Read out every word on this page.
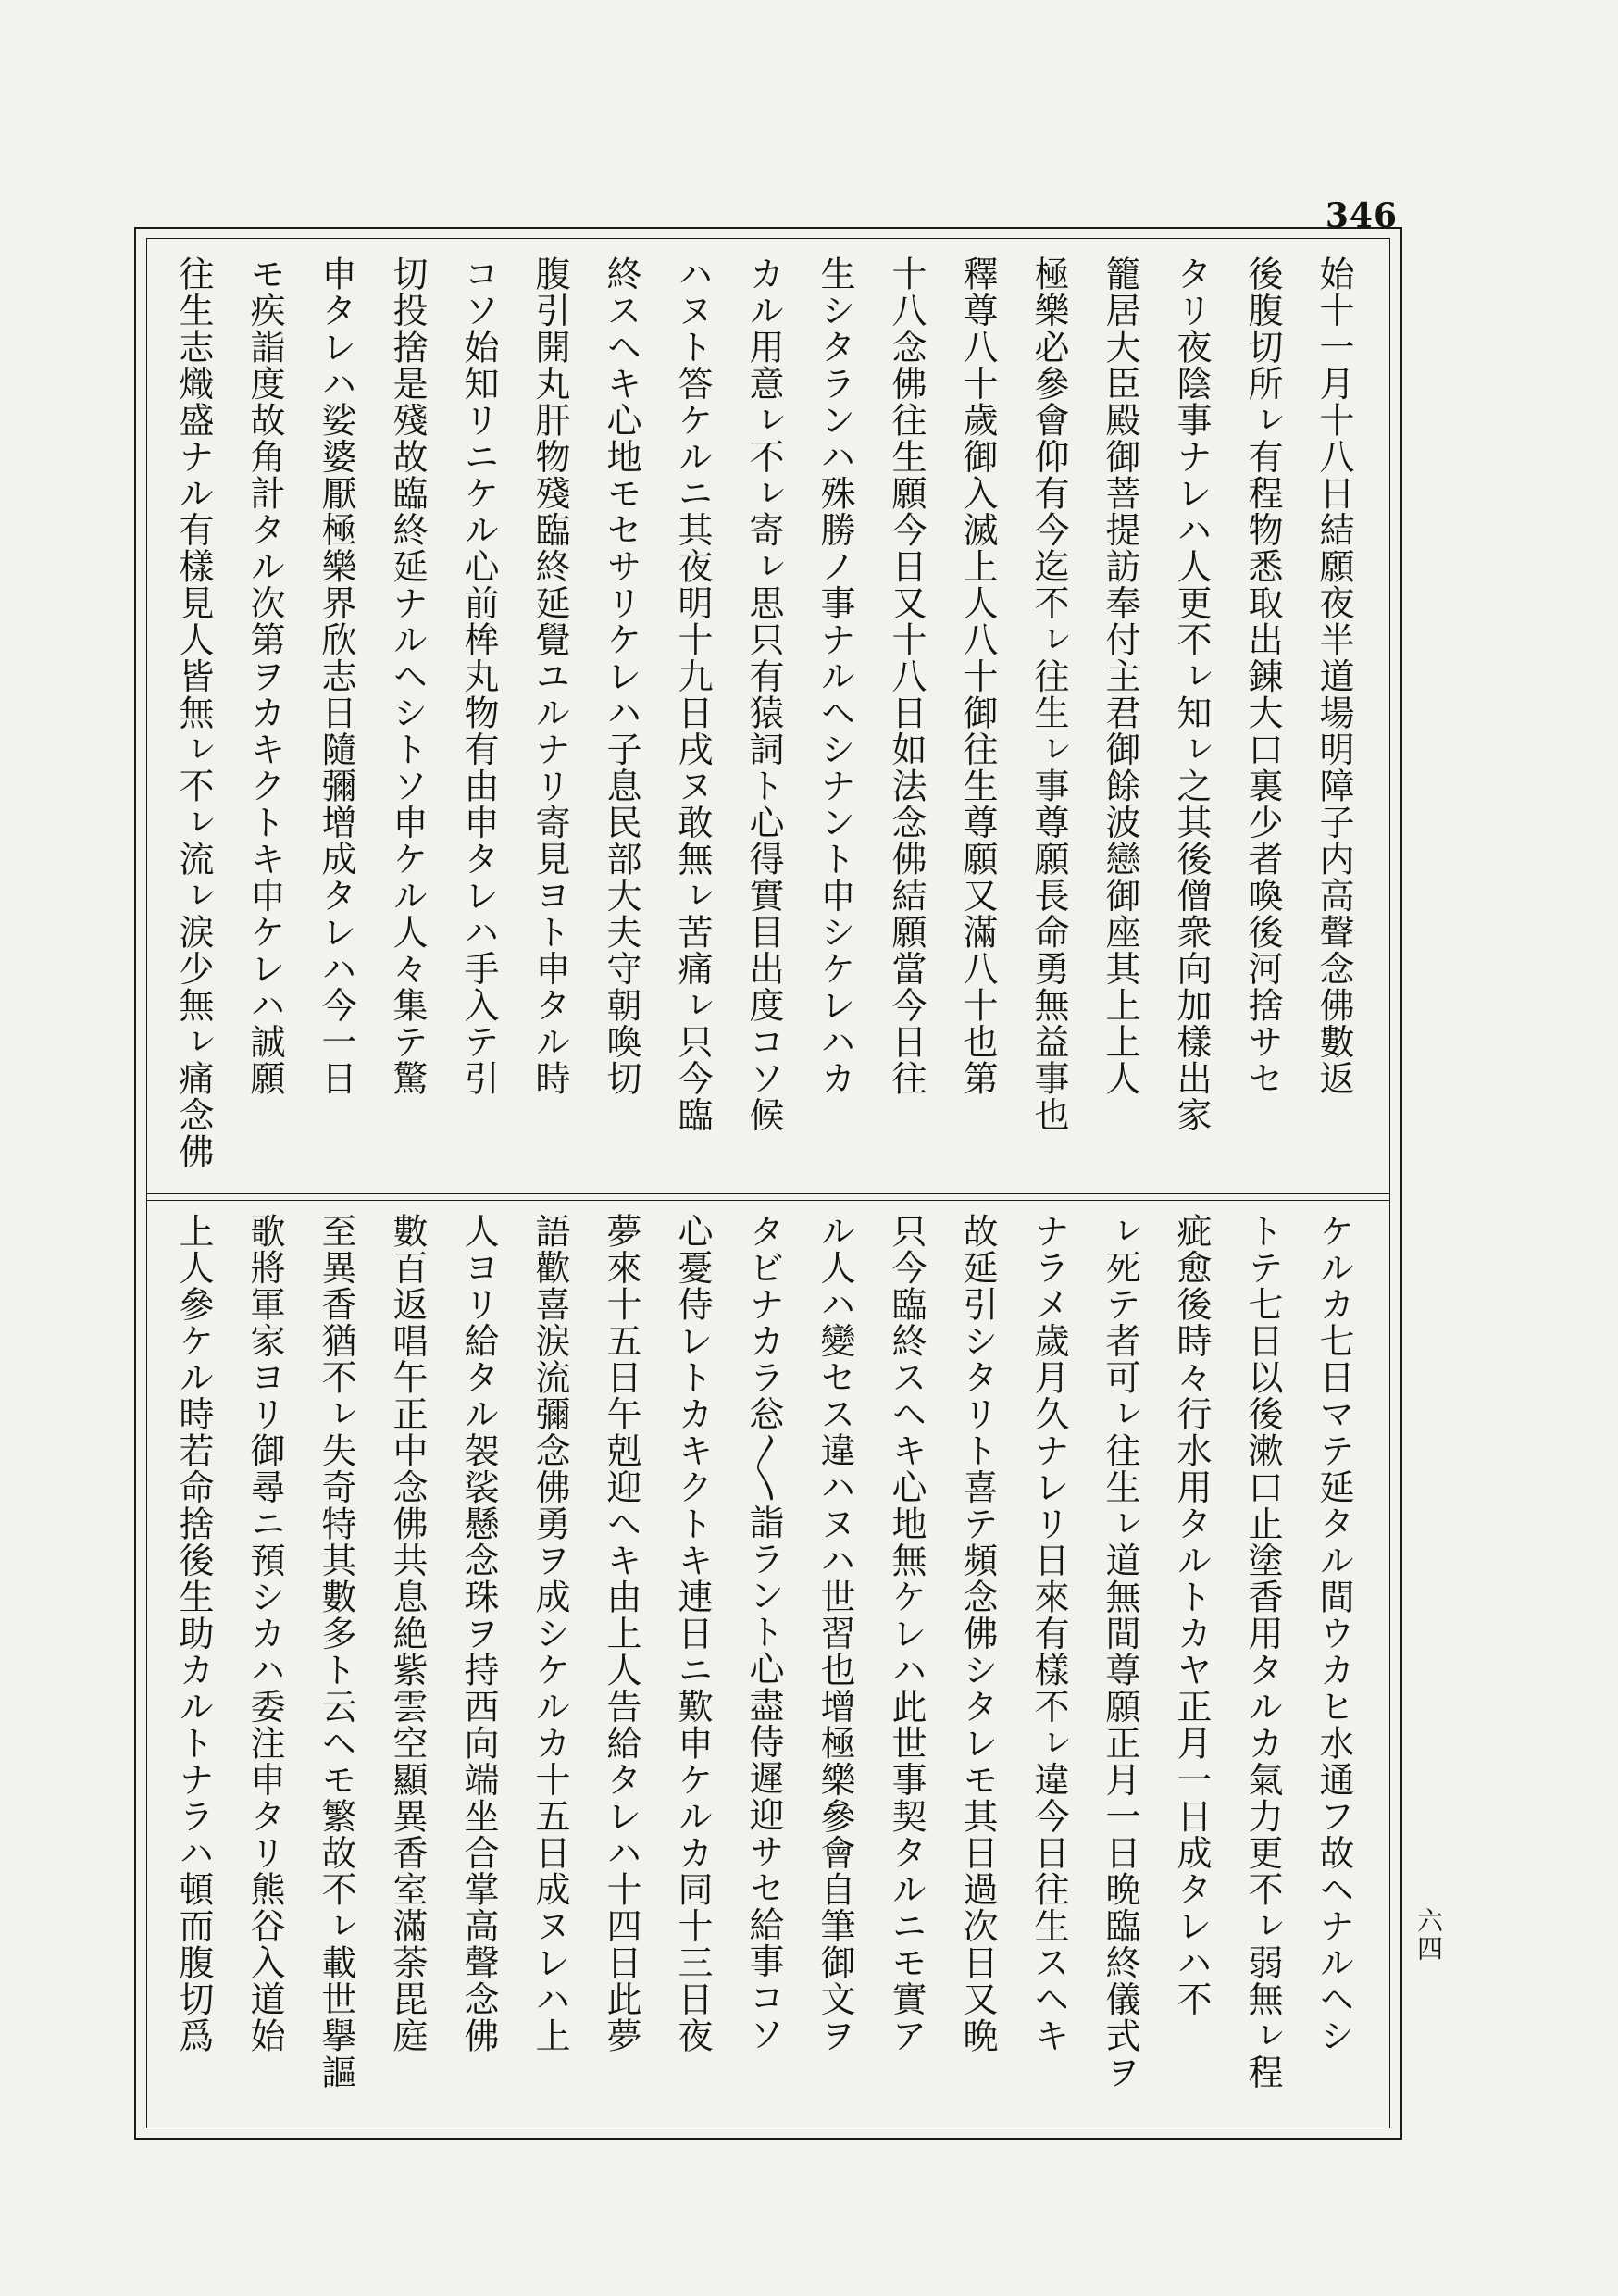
346
始十一月十八日結願夜半道場明障子内高聲念佛數返
後腹切所ㇾ有程物悉取出錬大口裏少者喚後河捨サセ
タリ夜陰事ナレハ人更不ㇾ知ㇾ之其後僧衆向加樣出家
籠居大臣殿御菩提訪奉付主君御餘波戀御座其上上人
極樂必參會仰有今迄不ㇾ往生ㇾ事尊願長命勇無益事也
釋尊八十歲御入滅上人八十御往生尊願又滿八十也第
十八念佛往生願今日又十八日如法念佛結願當今日往
生シタランハ殊勝ノ事ナルヘシナント申シケレハカ
カル用意ㇾ不ㇾ寄ㇾ思只有猿詞ト心得實目出度コソ候
ハヌト答ケルニ其夜明十九日戌ヌ敢無ㇾ苦痛ㇾ只今臨
終スヘキ心地モセサリケレハ子息民部大夫守朝喚切
腹引開丸肝物殘臨終延覺ユルナリ寄見ヨト申タル時
コソ始知リニケル心前桙丸物有由申タレハ手入テ引
切投捨是殘故臨終延ナルヘシトソ申ケル人々集テ驚
申タレハ娑婆厭極樂界欣志日隨彌增成タレハ今一日
モ疾詣度故角計タル次第ヲカキクトキ申ケレハ誠願
往生志熾盛ナル有樣見人皆無ㇾ不ㇾ流ㇾ涙少無ㇾ痛念佛
ケルカ七日マテ延タル間ウカヒ水通フ故ヘナルヘシ
トテ七日以後漱口止塗香用タルカ氣力更不ㇾ弱無ㇾ程
疵愈後時々行水用タルトカヤ正月一日成タレハ不
ㇾ死テ者可ㇾ往生ㇾ道無間尊願正月一日晩臨終儀式ヲ
ナラメ歲月久ナレリ日來有樣不ㇾ違今日往生スヘキ
故延引シタリト喜テ頻念佛シタレモ其日過次日又晩
只今臨終スヘキ心地無ケレハ此世事契タルニモ實ア
ル人ハ變セス違ハヌハ世習也增極樂參會自筆御文ヲ
タビナカラ忩〱詣ラント心盡侍遲迎サセ給事コソ
心憂侍レトカキクトキ連日ニ歎申ケルカ同十三日夜
夢來十五日午剋迎ヘキ由上人告給タレハ十四日此夢
語歡喜涙流彌念佛勇ヲ成シケルカ十五日成ヌレハ上
人ヨリ給タル袈裟懸念珠ヲ持西向端坐合掌高聲念佛
數百返唱午正中念佛共息絶紫雲空顯異香室滿荼毘庭
至異香猶不ㇾ失奇特其數多ト云ヘモ繁故不ㇾ載世擧謳
歌將軍家ヨリ御尋ニ預シカハ委注申タリ熊谷入道始
上人參ケル時若命捨後生助カルトナラハ頓而腹切爲	六四
